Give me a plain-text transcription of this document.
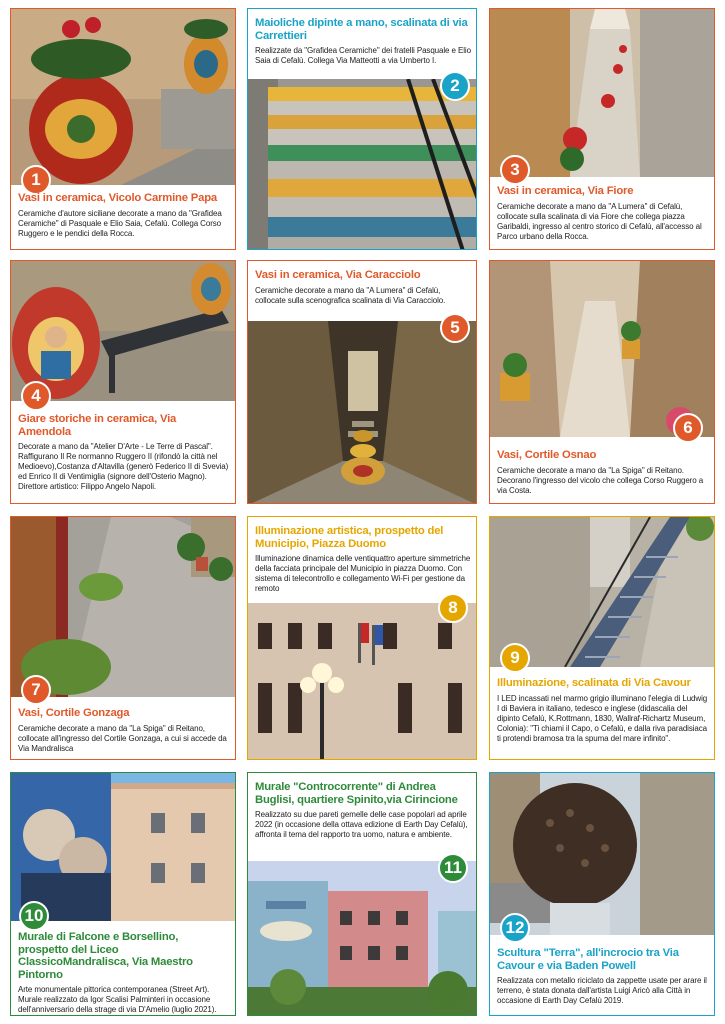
1
Vasi in ceramica, Vicolo Carmine Papa
Ceramiche d'autore siciliane decorate a mano da "Grafidea Ceramiche" di Pasquale e Elio Saia, Cefalù. Collega Corso Ruggero e le pendici della Rocca.
Maioliche dipinte a mano, scalinata di via Carrettieri
Realizzate da "Grafidea Ceramiche" dei fratelli Pasquale e Elio Saia di Cefalù. Collega Via Matteotti a via Umberto I.
2
3
Vasi in ceramica, Via Fiore
Ceramiche decorate a mano da "A Lumera" di Cefalù, collocate sulla scalinata di via Fiore che collega piazza Garibaldi, ingresso al centro storico di Cefalù, all'accesso al Parco urbano della Rocca.
4
Giare storiche in ceramica, Via Amendola
Decorate a mano da "Atelier D'Arte - Le Terre di Pascal". Raffigurano Il Re normanno Ruggero II (rifondò la città nel Medioevo),Costanza d'Altavilla (generò Federico II di Svevia) ed Enrico II di Ventimiglia (signore dell'Osterio Magno). Direttore artistico: Filippo Angelo Napoli.
Vasi in ceramica, Via Caracciolo
Ceramiche decorate a mano da "A Lumera" di Cefalù, collocate sulla scenografica scalinata di Via Caracciolo.
5
6
Vasi, Cortile Osnao
Ceramiche decorate a mano da "La Spiga" di Reitano. Decorano l'ingresso del vicolo che collega Corso Ruggero a via Costa.
7
Vasi, Cortile Gonzaga
Ceramiche decorate a mano da "La Spiga" di Reitano, collocate all'ingresso del Cortile Gonzaga, a cui si accede da Via Mandralisca
Illuminazione artistica, prospetto del Municipio, Piazza Duomo
Illuminazione dinamica delle ventiquattro aperture simmetriche della facciata principale del Municipio in piazza Duomo. Con sistema di telecontrollo e collegamento Wi-Fi per gestione da remoto
8
9
Illuminazione, scalinata di Via Cavour
I LED incassati nel marmo grigio illuminano l'elegia di Ludwig I di Baviera in italiano, tedesco e inglese (didascalia del dipinto Cefalù, K.Rottmann, 1830, Wallraf-Richartz Museum, Colonia): "Ti chiami il Capo, o Cefalù, e dalla riva paradisiaca ti protendi bramosa tra la spuma del mare infinito".
10
Murale di Falcone e Borsellino, prospetto del Liceo ClassicoMandralisca, Via Maestro Pintorno
Arte monumentale pittorica contemporanea (Street Art). Murale realizzato da Igor Scalisi Palminteri in occasione dell'anniversario della strage di via D'Amelio (luglio 2021).
Murale "Controcorrente" di Andrea Buglisi, quartiere Spinito,via Cirincione
Realizzato su due pareti gemelle delle case popolari ad aprile 2022 (in occasione della ottava edizione di Earth Day Cefalù), affronta il tema del rapporto tra uomo, natura e ambiente.
11
12
Scultura "Terra", all'incrocio tra Via Cavour e via Baden Powell
Realizzata con metallo riciclato da zappette usate per arare il terreno, è stata donata dall'artista Luigi Aricò alla Città in occasione di Earth Day Cefalù 2019.
